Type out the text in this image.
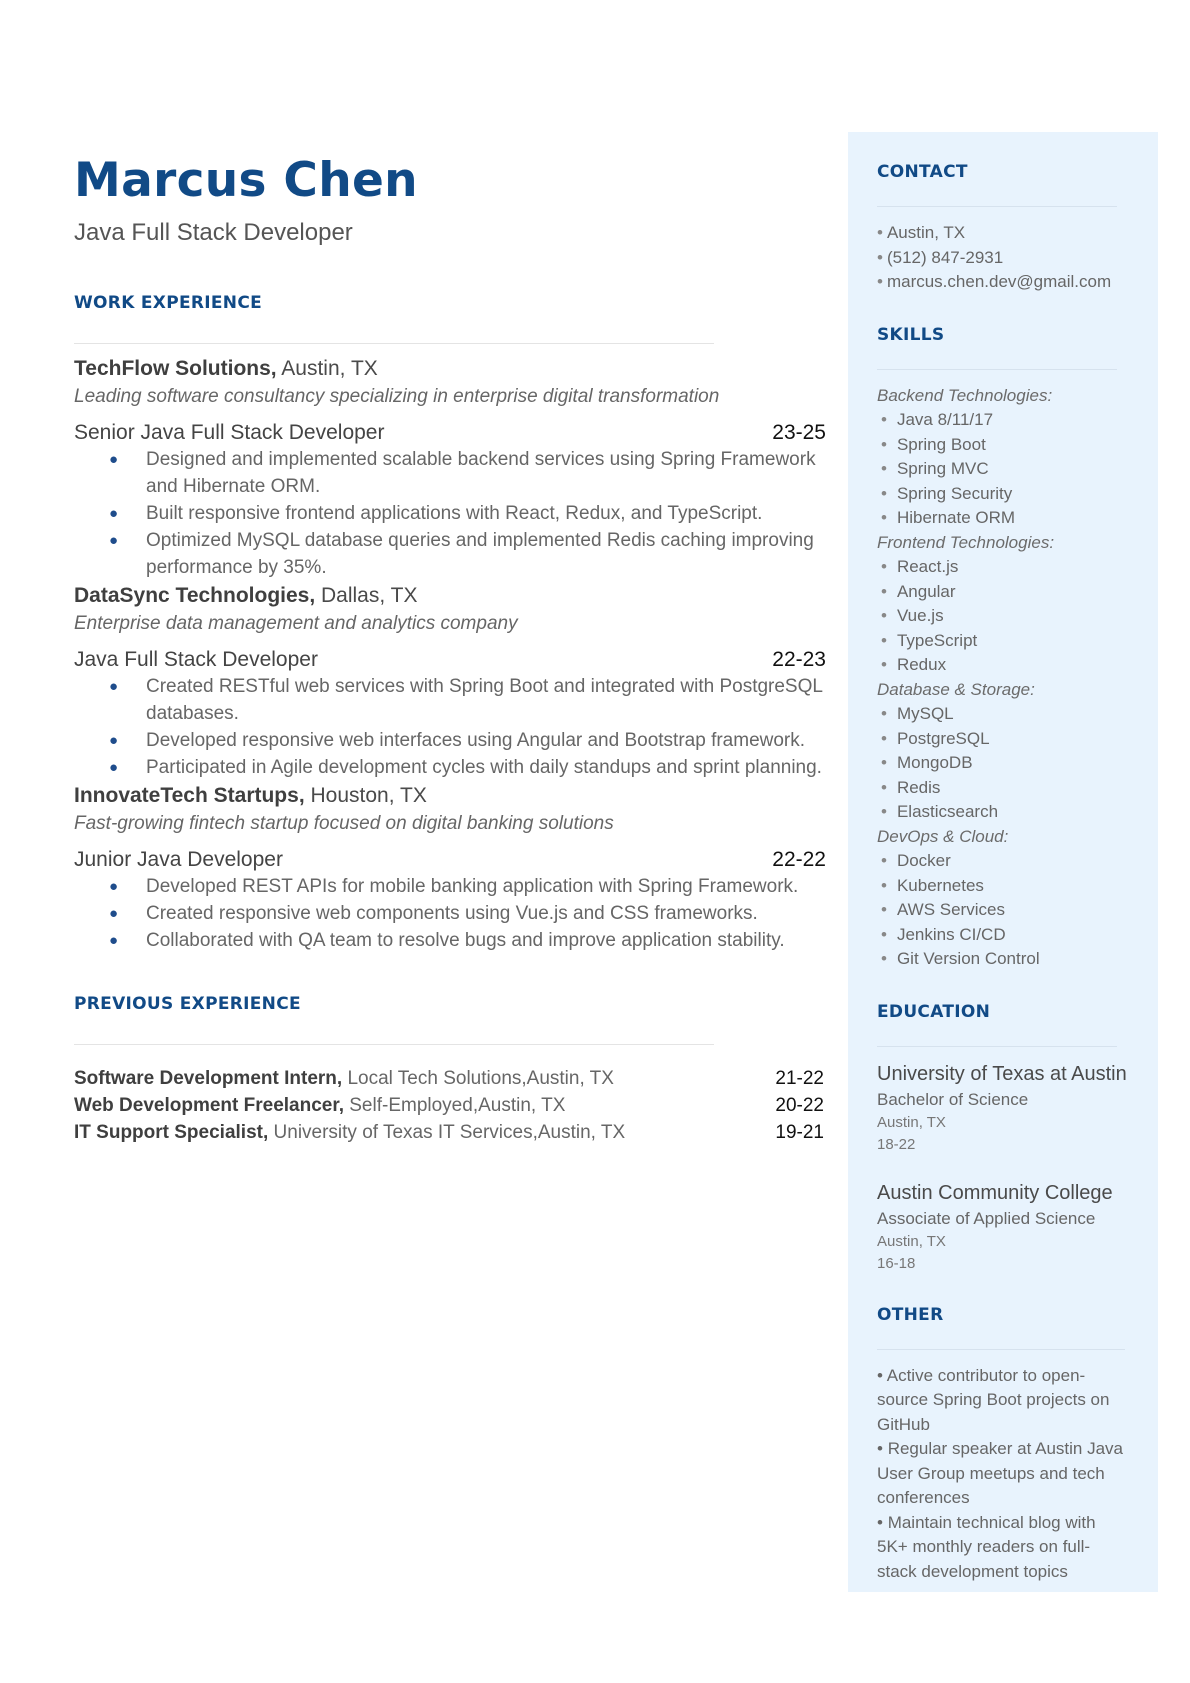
Marcus Chen
Java Full Stack Developer
WORK EXPERIENCE
TechFlow Solutions, Austin, TX
Leading software consultancy specializing in enterprise digital transformation
Senior Java Full Stack Developer	23-25
● Designed and implemented scalable backend services using Spring Framework and Hibernate ORM.
● Built responsive frontend applications with React, Redux, and TypeScript.
● Optimized MySQL database queries and implemented Redis caching improving performance by 35%.
DataSync Technologies, Dallas, TX
Enterprise data management and analytics company
Java Full Stack Developer	22-23
● Created RESTful web services with Spring Boot and integrated with PostgreSQL databases.
● Developed responsive web interfaces using Angular and Bootstrap framework.
● Participated in Agile development cycles with daily standups and sprint planning.
InnovateTech Startups, Houston, TX
Fast-growing fintech startup focused on digital banking solutions
Junior Java Developer	22-22
● Developed REST APIs for mobile banking application with Spring Framework.
● Created responsive web components using Vue.js and CSS frameworks.
● Collaborated with QA team to resolve bugs and improve application stability.
PREVIOUS EXPERIENCE
Software Development Intern, Local Tech Solutions,Austin, TX	21-22
Web Development Freelancer, Self-Employed,Austin, TX	20-22
IT Support Specialist, University of Texas IT Services,Austin, TX	19-21
CONTACT
• Austin, TX
• (512) 847-2931
• marcus.chen.dev@gmail.com
SKILLS
Backend Technologies:
• Java 8/11/17
• Spring Boot
• Spring MVC
• Spring Security
• Hibernate ORM
Frontend Technologies:
• React.js
• Angular
• Vue.js
• TypeScript
• Redux
Database & Storage:
• MySQL
• PostgreSQL
• MongoDB
• Redis
• Elasticsearch
DevOps & Cloud:
• Docker
• Kubernetes
• AWS Services
• Jenkins CI/CD
• Git Version Control
EDUCATION
University of Texas at Austin
Bachelor of Science
Austin, TX
18-22
Austin Community College
Associate of Applied Science
Austin, TX
16-18
OTHER
• Active contributor to open-source Spring Boot projects on GitHub
• Regular speaker at Austin Java User Group meetups and tech conferences
• Maintain technical blog with 5K+ monthly readers on full-stack development topics
